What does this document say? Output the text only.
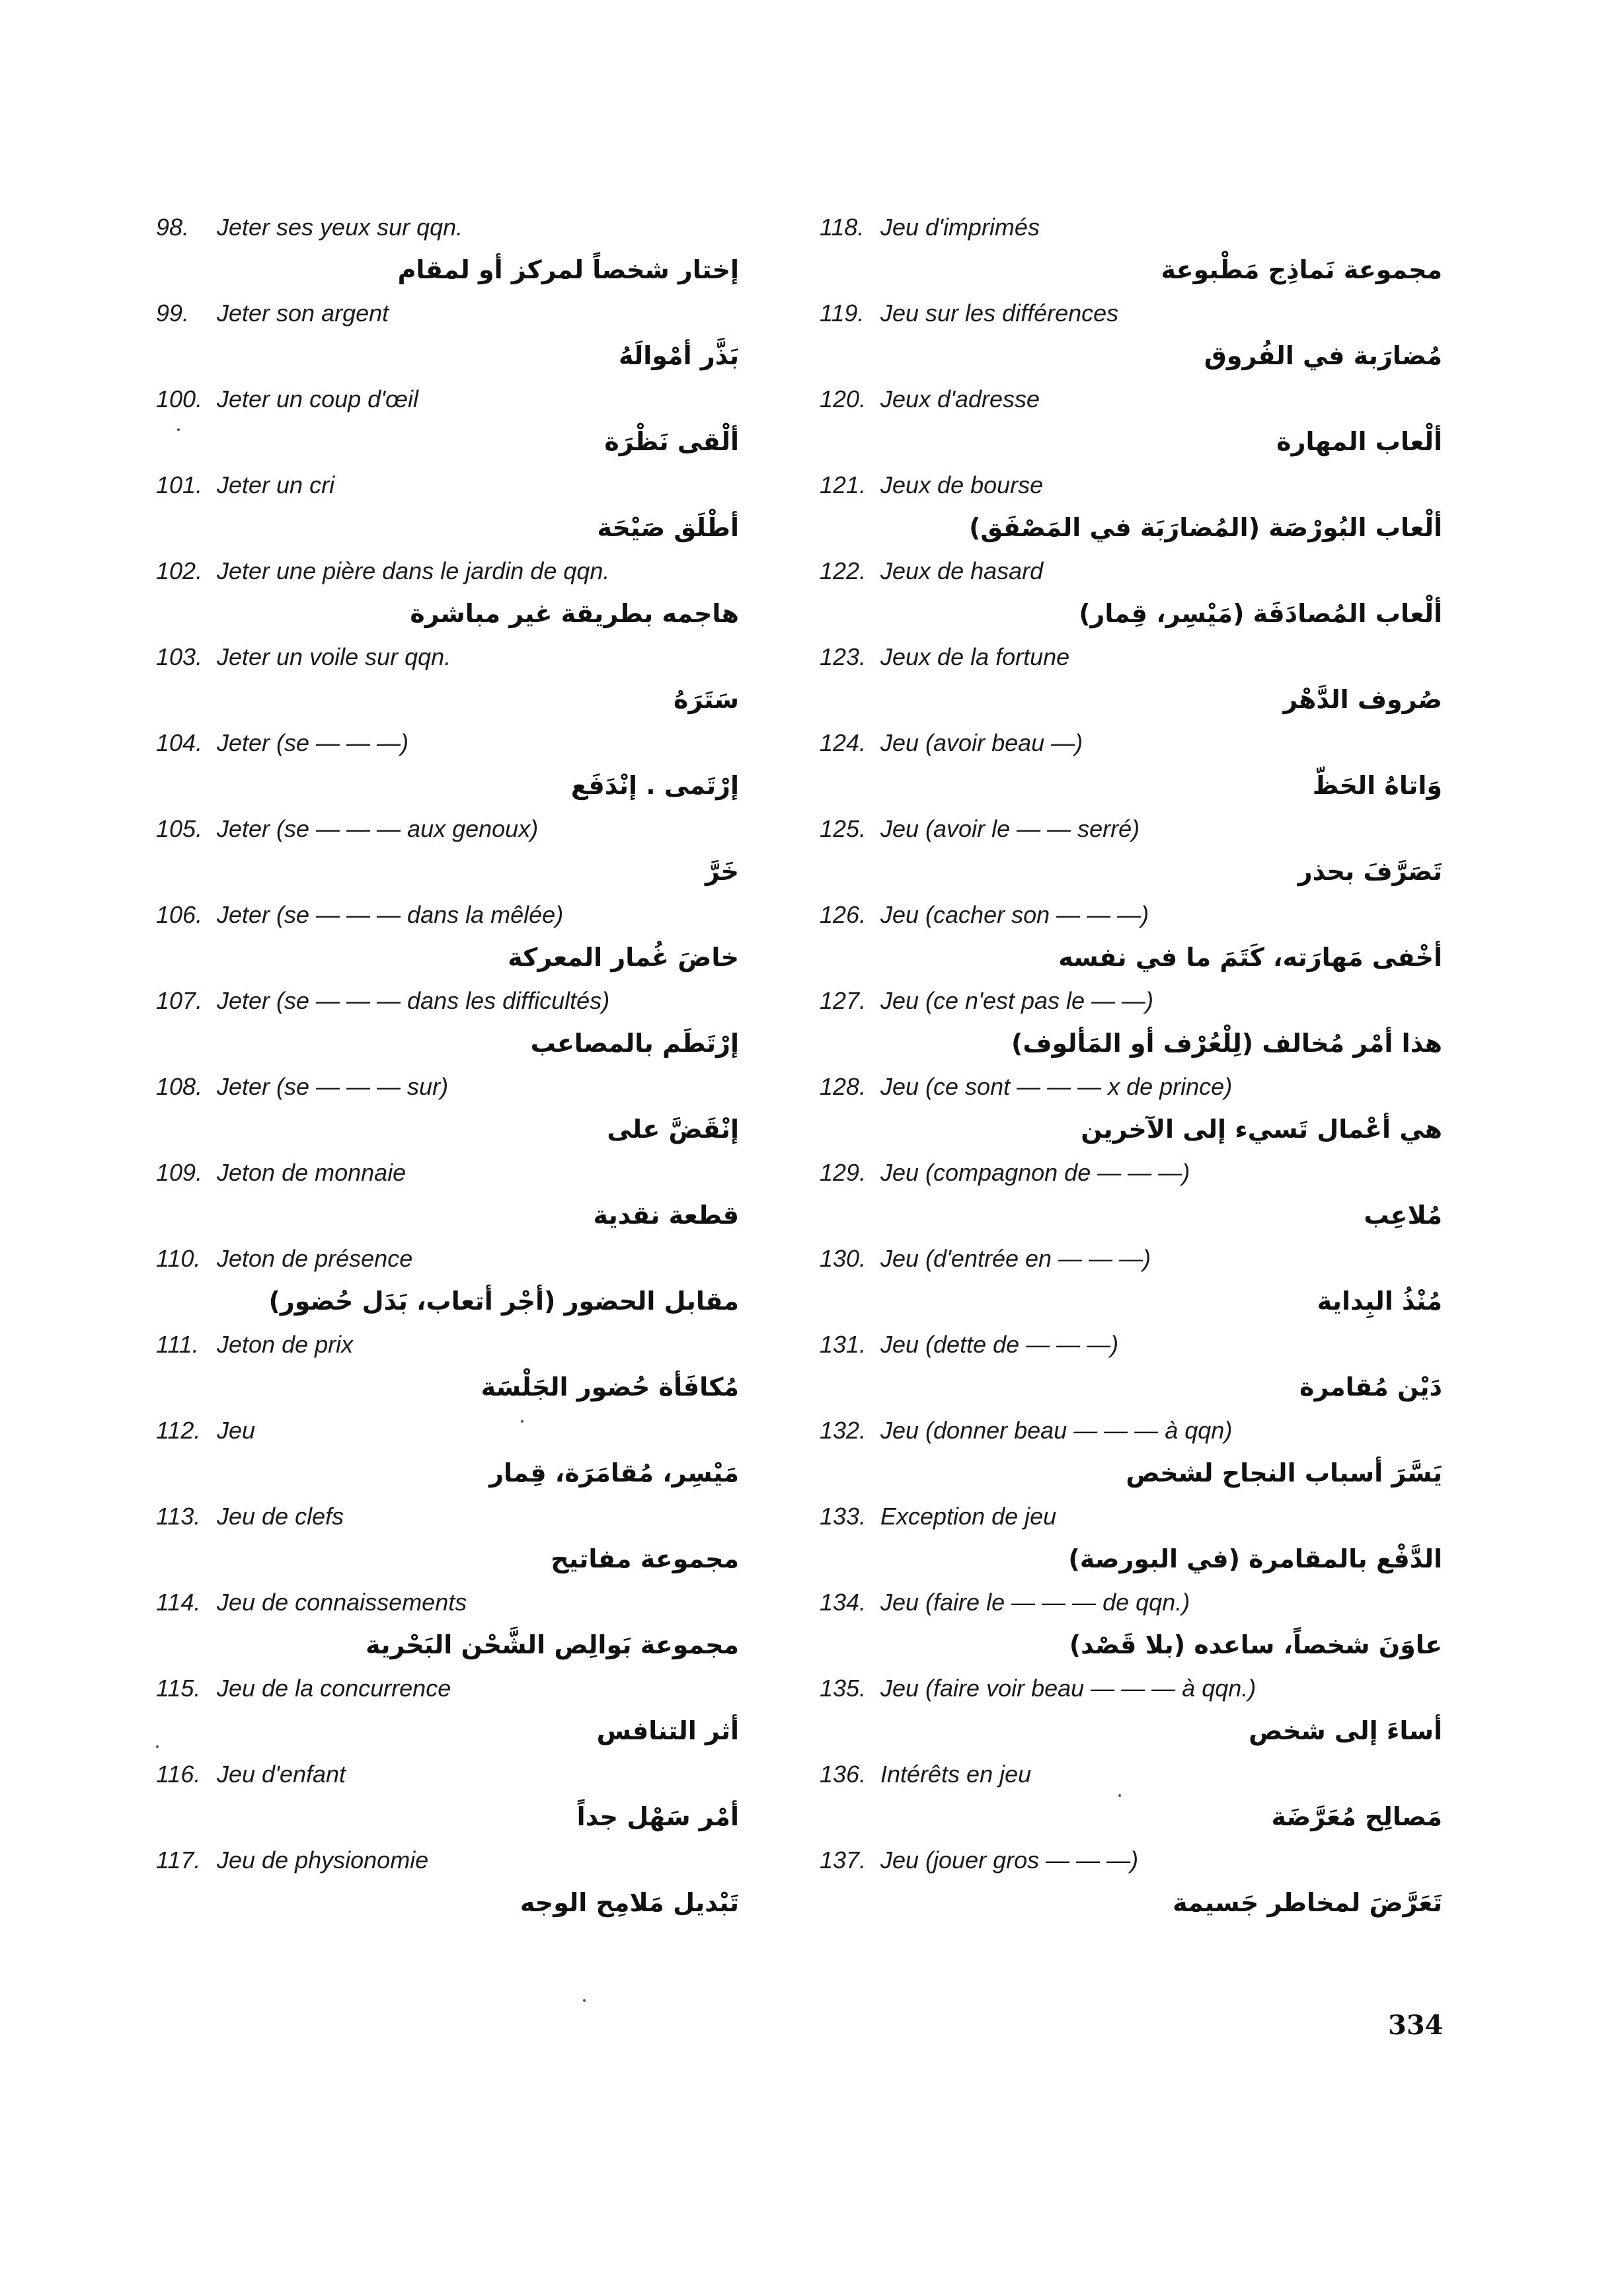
98. Jeter ses yeux sur qqn.
إختار شخصاً لمركز أو لمقام
99. Jeter son argent
بَذَّر أمْوالَهُ
100. Jeter un coup d'œil
ألْقى نَظْرَة
101. Jeter un cri
أطْلَق صَيْحَة
102. Jeter une pière dans le jardin de qqn.
هاجمه بطريقة غير مباشرة
103. Jeter un voile sur qqn.
سَتَرَهُ
104. Jeter (se — — —)
إرْتَمى . إنْدَفَع
105. Jeter (se — — — aux genoux)
خَرَّ
106. Jeter (se — — — dans la mêlée)
خاضَ غُمار المعركة
107. Jeter (se — — — dans les difficultés)
إرْتَطَم بالمصاعب
108. Jeter (se — — — sur)
إنْقَضَّ على
109. Jeton de monnaie
قطعة نقدية
110. Jeton de présence
مقابل الحضور (أجْر أتعاب، بَدَل حُضور)
111. Jeton de prix
مُكافَأة حُضور الجَلْسَة
112. Jeu
مَيْسِر، مُقامَرَة، قِمار
113. Jeu de clefs
مجموعة مفاتيح
114. Jeu de connaissements
مجموعة بَوالِص الشَّحْن البَحْرية
115. Jeu de la concurrence
أثر التنافس
116. Jeu d'enfant
أمْر سَهْل جداً
117. Jeu de physionomie
تَبْديل مَلامِح الوجه
118. Jeu d'imprimés
مجموعة نَماذِج مَطْبوعة
119. Jeu sur les différences
مُضارَبة في الفُروق
120. Jeux d'adresse
ألْعاب المهارة
121. Jeux de bourse
ألْعاب البُورْصَة (المُضارَبَة في المَصْفَق)
122. Jeux de hasard
ألْعاب المُصادَفَة (مَيْسِر، قِمار)
123. Jeux de la fortune
صُروف الدَّهْر
124. Jeu (avoir beau —)
وَاتاهُ الحَظّ
125. Jeu (avoir le — — serré)
تَصَرَّفَ بحذر
126. Jeu (cacher son — — —)
أخْفى مَهارَته، كَتَمَ ما في نفسه
127. Jeu (ce n'est pas le — —)
هذا أمْر مُخالف (لِلْعُرْف أو المَألوف)
128. Jeu (ce sont — — — x de prince)
هي أعْمال تَسيء إلى الآخرين
129. Jeu (compagnon de — — —)
مُلاعِب
130. Jeu (d'entrée en — — —)
مُنْذُ البِداية
131. Jeu (dette de — — —)
دَيْن مُقامرة
132. Jeu (donner beau — — — à qqn)
يَسَّرَ أسباب النجاح لشخص
133. Exception de jeu
الدَّفْع بالمقامرة (في البورصة)
134. Jeu (faire le — — — de qqn.)
عاوَنَ شخصاً، ساعده (بلا قَصْد)
135. Jeu (faire voir beau — — — à qqn.)
أساءَ إلى شخص
136. Intérêts en jeu
مَصالِح مُعَرَّضَة
137. Jeu (jouer gros — — —)
تَعَرَّضَ لمخاطر جَسيمة
334
